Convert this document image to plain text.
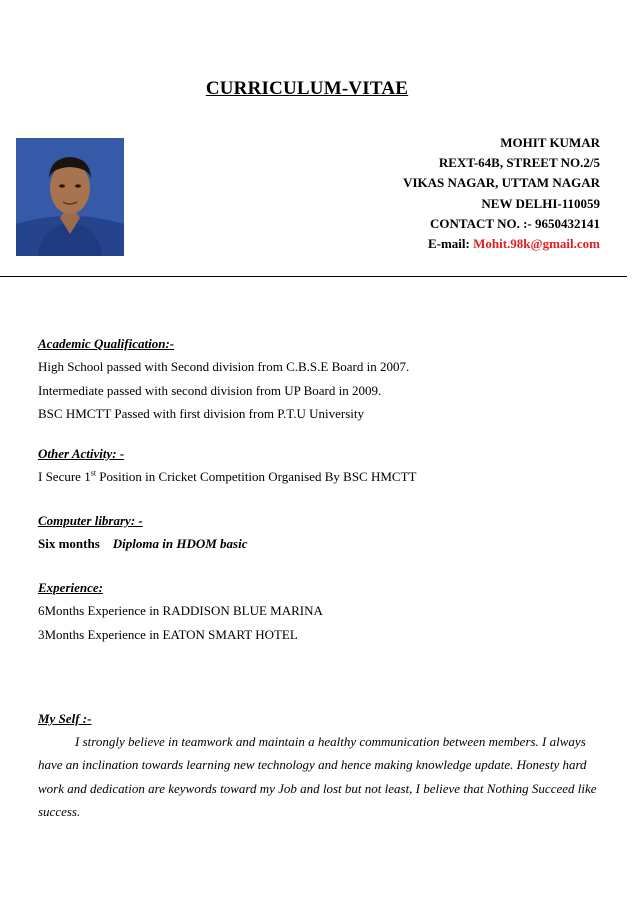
CURRICULUM-VITAE
MOHIT KUMAR
REXT-64B, STREET NO.2/5
VIKAS NAGAR, UTTAM NAGAR
NEW DELHI-110059
CONTACT NO. :- 9650432141
E-mail: Mohit.98k@gmail.com
Academic Qualification:-
High School passed with Second division from C.B.S.E Board in 2007.
Intermediate passed with second division from UP Board in 2009.
BSC HMCTT Passed with first division from P.T.U University
Other Activity: -
I Secure 1st Position in Cricket Competition Organised By BSC HMCTT
Computer library: -
Six months Diploma in HDOM basic
Experience:
6Months Experience in RADDISON BLUE MARINA
3Months Experience in EATON SMART HOTEL
My Self :-
I strongly believe in teamwork and maintain a healthy communication between members. I always have an inclination towards learning new technology and hence making knowledge update. Honesty hard work and dedication are keywords toward my Job and lost but not least, I believe that Nothing Succeed like success.
